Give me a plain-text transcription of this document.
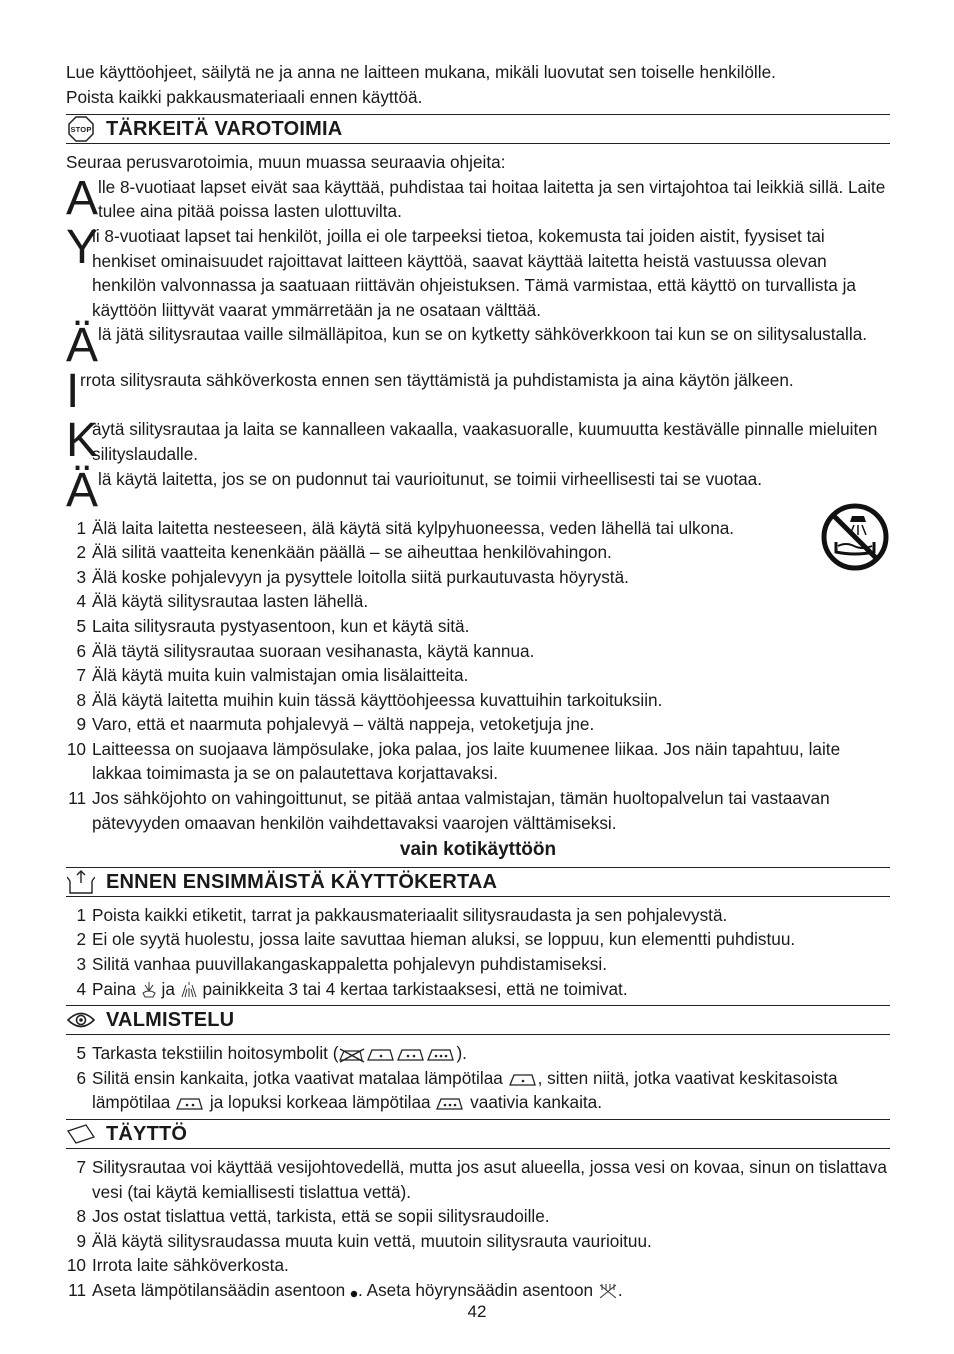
Lue käyttöohjeet, säilytä ne ja anna ne laitteen mukana, mikäli luovutat sen toiselle henkilölle.

Poista kaikki pakkausmateriaali ennen käyttöä.

STOP TÄRKEITÄ VAROTOIMIA

Seuraa perusvarotoimia, muun muassa seuraavia ohjeita:

A lle 8-vuotiaat lapset eivät saa käyttää, puhdistaa tai hoitaa laitetta ja sen virtajohtoa tai leikkiä sillä. Laite tulee aina pitää poissa lasten ulottuvilta.
Y
li 8-vuotiaat lapset tai henkilöt, joilla ei ole tarpeeksi tietoa, kokemusta tai joiden aistit, fyysiset tai henkiset ominaisuudet rajoittavat laitteen käyttöä, saavat käyttää laitetta heistä vastuussa olevan henkilön valvonnassa ja saatuaan riittävän ohjeistuksen. Tämä varmistaa, että käyttö on turvallista ja käyttöön liittyvät vaarat ymmärretään ja ne osataan välttää.
Ä lä jätä silitysrautaa vaille silmälläpitoa, kun se on kytketty sähköverkkoon tai kun se on silitysalustalla.
I rrota silitysrauta sähköverkosta ennen sen täyttämistä ja puhdistamista ja aina käytön jälkeen.
K
äytä silitysrautaa ja laita se kannalleen vakaalla, vaakasuoralle, kuumuutta kestävälle pinnalle mieluiten silityslaudalle.
Ä lä käytä laitetta, jos se on pudonnut tai vaurioitunut, se toimii virheellisesti tai se vuotaa.
1 Älä laita laitetta nesteeseen, älä käytä sitä kylpyhuoneessa, veden lähellä tai ulkona.
2 Älä silitä vaatteita kenenkään päällä – se aiheuttaa henkilövahingon.
3 Älä koske pohjalevyyn ja pysyttele loitolla siitä purkautuvasta höyrystä.
4 Älä käytä silitysrautaa lasten lähellä.
5 Laita silitysrauta pystyasentoon, kun et käytä sitä.
6 Älä täytä silitysrautaa suoraan vesihanasta, käytä kannua.
7 Älä käytä muita kuin valmistajan omia lisälaitteita.
8 Älä käytä laitetta muihin kuin tässä käyttöohjeessa kuvattuihin tarkoituksiin.
9 Varo, että et naarmuta pohjalevyä – vältä nappeja, vetoketjuja jne.
10 Laitteessa on suojaava lämpösulake, joka palaa, jos laite kuumenee liikaa. Jos näin tapahtuu, laite lakkaa toimimasta ja se on palautettava korjattavaksi.
11 Jos sähköjohto on vahingoittunut, se pitää antaa valmistajan, tämän huoltopalvelun tai vastaavan pätevyyden omaavan henkilön vaihdettavaksi vaarojen välttämiseksi.

vain kotikäyttöön

ENNEN ENSIMMÄISTÄ KÄYTTÖKERTAA
1 Poista kaikki etiketit, tarrat ja pakkausmateriaalit silitysraudasta ja sen pohjalevystä.
2 Ei ole syytä huolestu, jossa laite savuttaa hieman aluksi, se loppuu, kun elementti puhdistuu.
3 Silitä vanhaa puuvillakangaskappaletta pohjalevyn puhdistamiseksi.
4 Paina ja painikkeita 3 tai 4 kertaa tarkistaaksesi, että ne toimivat.
VALMISTELU
5 Tarkasta tekstiilin hoitosymbolit (	).
6 Silitä ensin kankaita, jotka vaativat matalaa lämpötilaa , sitten niitä, jotka vaativat keskitasoista lämpötilaa ja lopuksi korkeaa lämpötilaa vaativia kankaita.
TÄYTTÖ
7 Silitysrautaa voi käyttää vesijohtovedellä, mutta jos asut alueella, jossa vesi on kovaa, sinun on tislattava vesi (tai käytä kemiallisesti tislattua vettä).
8 Jos ostat tislattua vettä, tarkista, että se sopii silitysraudoille.
9 Älä käytä silitysraudassa muuta kuin vettä, muutoin silitysrauta vaurioituu.
10 Irrota laite sähköverkosta.
11 Aseta lämpötilansäädin asentoon . Aseta höyrynsäädin asentoon .
42
